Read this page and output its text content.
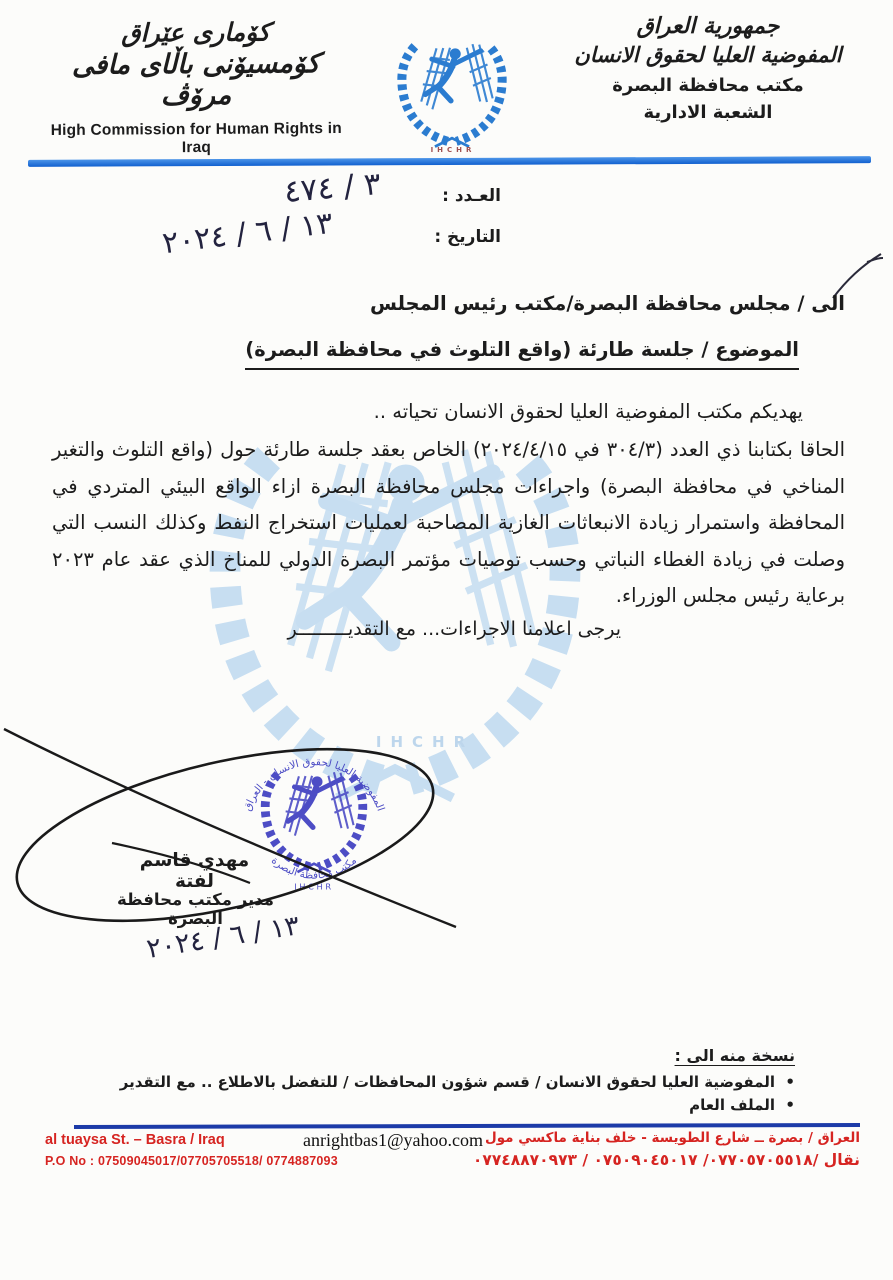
کۆماری عێراق
کۆمسیۆنی باڵای مافی مرۆڤ
High Commission for Human Rights in Iraq	IHCHR
جمهورية العراق
المفوضية العليا لحقوق الانسان
مكتب محافظة البصرة
الشعبة الادارية
العـدد :
التاريخ :
٣ / ٤٧٤
١٣ / ٦ / ٢٠٢٤
الى / مجلس محافظة البصرة/مكتب رئيس المجلس
الموضوع / جلسة طارئة (واقع التلوث في محافظة البصرة)
IHCHR
يهديكم مكتب المفوضية العليا لحقوق الانسان تحياته ..
الحاقا بكتابنا ذي العدد (٣٠٤/٣ في ٢٠٢٤/٤/١٥) الخاص بعقد جلسة طارئة حول (واقع التلوث والتغير المناخي في محافظة البصرة) واجراءات مجلس محافظة البصرة ازاء الواقع البيئي المتردي في المحافظة واستمرار زيادة الانبعاثات الغازية المصاحبة لعمليات استخراج النفط وكذلك النسب التي وصلت في زيادة الغطاء النباتي وحسب توصيات مؤتمر البصرة الدولي للمناخ الذي عقد عام ٢٠٢٣ برعاية رئيس مجلس الوزراء.
يرجى اعلامنا الاجراءات... مع التقديـــــــــر
المفوضية العليا لحقوق الانسان - العراق
مكتب محافظة البصرة
IHCHR
مهدي قاسم لفتة
مدير مكتب محافظة البصرة
١٣ / ٦ / ٢٠٢٤
نسخة منه الى :
• المفوضية العليا لحقوق الانسان / قسم شؤون المحافظات / للتفضل بالاطلاع .. مع التقدير
• الملف العام
al tuaysa St. – Basra / Iraq
P.O No : 07509045017/07705705518/ 0774887093
anrightbas1@yahoo.com العراق / بصرة ــ شارع الطويسة - خلف بناية ماكسي مول
نقال /٠٧٧٠٥٧٠٥٥١٨/ ٠٧٥٠٩٠٤٥٠١٧ / ٠٧٧٤٨٨٧٠٩٧٣
